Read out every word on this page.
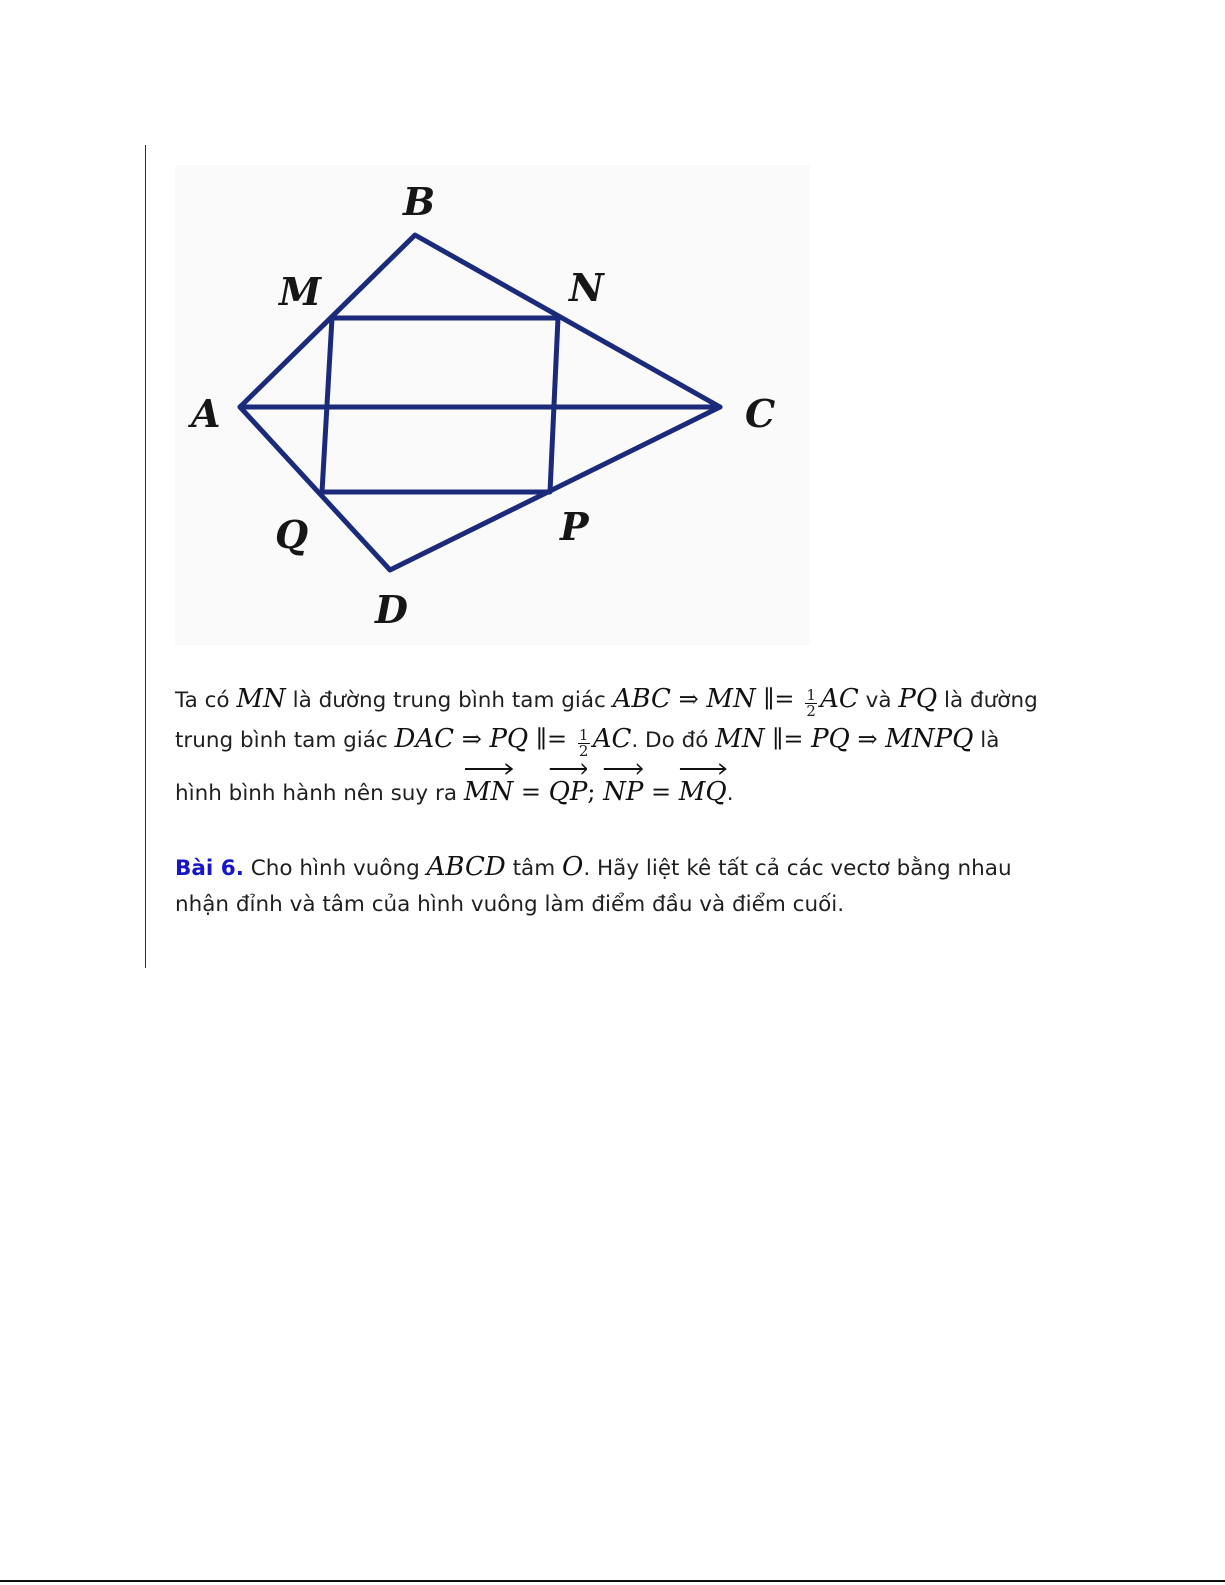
B
M	N
A	C
Q	P
D
Ta có MN là đường trung bình tam giác ABC ⇒ MN ∥= $\frac{1}{2}$ AC và PQ là đường
trung bình tam giác DAC ⇒ PQ ∥= $\frac{1}{2}$ AC. Do đó MN ∥= PQ ⇒ MNPQ là
hình bình hành nên suy ra
MN =
QP;
NP =
MQ.
Bài 6. Cho hình vuông ABCD tâm O. Hãy liệt kê tất cả các vectơ bằng nhau
nhận đỉnh và tâm của hình vuông làm điểm đầu và điểm cuối.
